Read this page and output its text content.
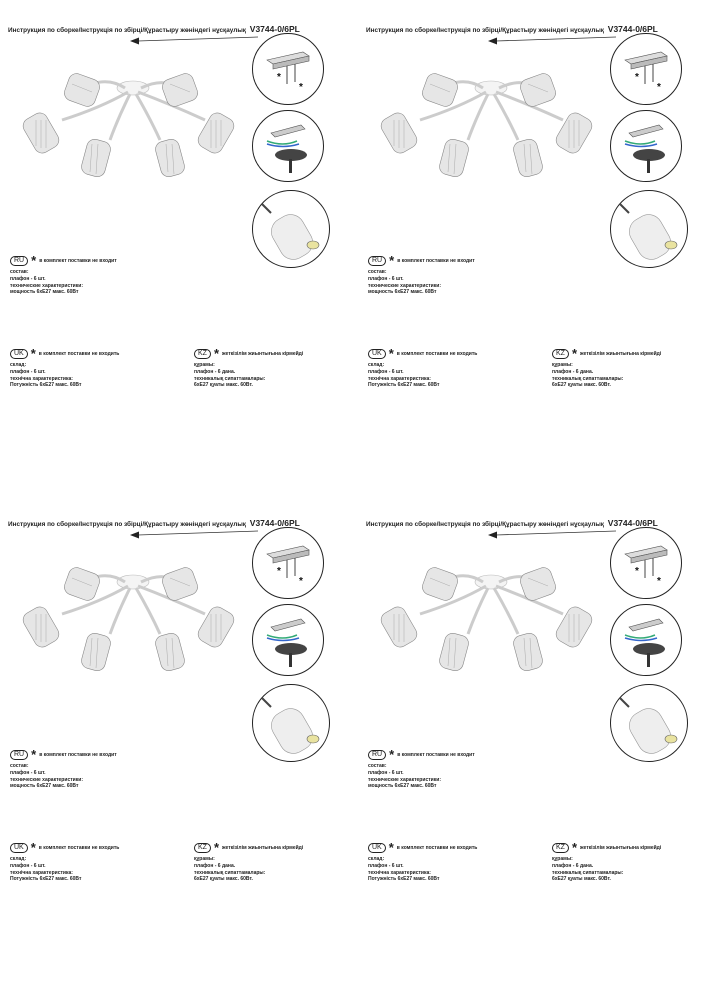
Инструкция по сборке/Інструкція по збірці/Құрастыру жөніндегі нұсқаулық V3744-0/6PL
*
*
RU * в комплект поставки не входит
состав:
плафон - 6 шт.
технические характеристики:
мощность 6хЕ27 макс. 60Вт
UK * в комплект поставки не входить
склад:
плафон - 6 шт.
технічна характеристика:
Потужність 6хЕ27 макс. 60Вт
KZ * жеткізілім жиынтығына кірмейді
құрамы:
плафон - 6 дана.
техникалық сипаттамалары:
6хЕ27 қуаты макс. 60Вт.
Инструкция по сборке/Інструкція по збірці/Құрастыру жөніндегі нұсқаулық V3744-0/6PL
*
*
RU * в комплект поставки не входит
состав:
плафон - 6 шт.
технические характеристики:
мощность 6хЕ27 макс. 60Вт
UK * в комплект поставки не входить
склад:
плафон - 6 шт.
технічна характеристика:
Потужність 6хЕ27 макс. 60Вт
KZ * жеткізілім жиынтығына кірмейді
құрамы:
плафон - 6 дана.
техникалық сипаттамалары:
6хЕ27 қуаты макс. 60Вт.
Инструкция по сборке/Інструкція по збірці/Құрастыру жөніндегі нұсқаулық V3744-0/6PL
*
*
RU * в комплект поставки не входит
состав:
плафон - 6 шт.
технические характеристики:
мощность 6хЕ27 макс. 60Вт
UK * в комплект поставки не входить
склад:
плафон - 6 шт.
технічна характеристика:
Потужність 6хЕ27 макс. 60Вт
KZ * жеткізілім жиынтығына кірмейді
құрамы:
плафон - 6 дана.
техникалық сипаттамалары:
6хЕ27 қуаты макс. 60Вт.
Инструкция по сборке/Інструкція по збірці/Құрастыру жөніндегі нұсқаулық V3744-0/6PL
*
*
RU * в комплект поставки не входит
состав:
плафон - 6 шт.
технические характеристики:
мощность 6хЕ27 макс. 60Вт
UK * в комплект поставки не входить
склад:
плафон - 6 шт.
технічна характеристика:
Потужність 6хЕ27 макс. 60Вт
KZ * жеткізілім жиынтығына кірмейді
құрамы:
плафон - 6 дана.
техникалық сипаттамалары:
6хЕ27 қуаты макс. 60Вт.
